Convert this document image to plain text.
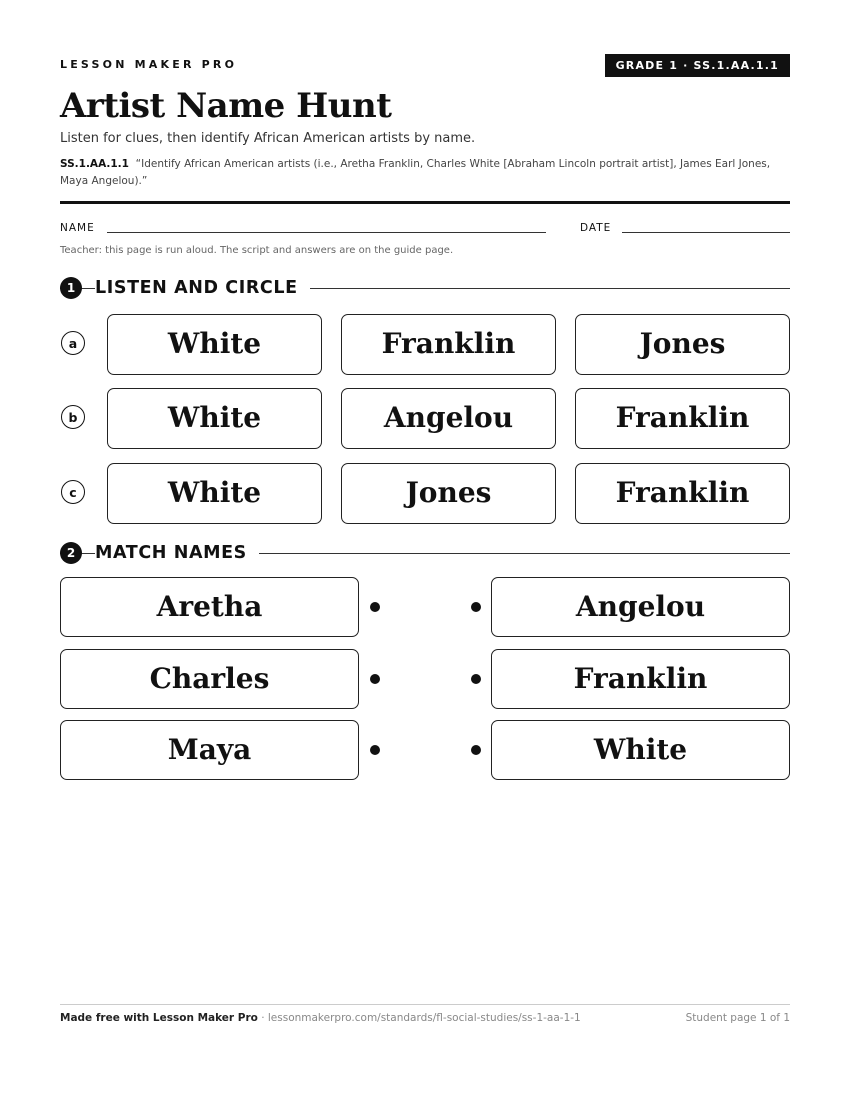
LESSON MAKER PRO	GRADE 1 · SS.1.AA.1.1
Artist Name Hunt
Listen for clues, then identify African American artists by name.
SS.1.AA.1.1 “Identify African American artists (i.e., Aretha Franklin, Charles White [Abraham Lincoln portrait artist], James Earl Jones, Maya Angelou).”
NAME	DATE
Teacher: this page is run aloud. The script and answers are on the guide page.
1	LISTEN AND CIRCLE
a	White	Franklin	Jones
b	White	Angelou	Franklin
c	White	Jones	Franklin
2	MATCH NAMES
Aretha	Angelou
Charles	Franklin
Maya	White
Made free with Lesson Maker Pro · lessonmakerpro.com/standards/fl-social-studies/ss-1-aa-1-1	Student page 1 of 1
